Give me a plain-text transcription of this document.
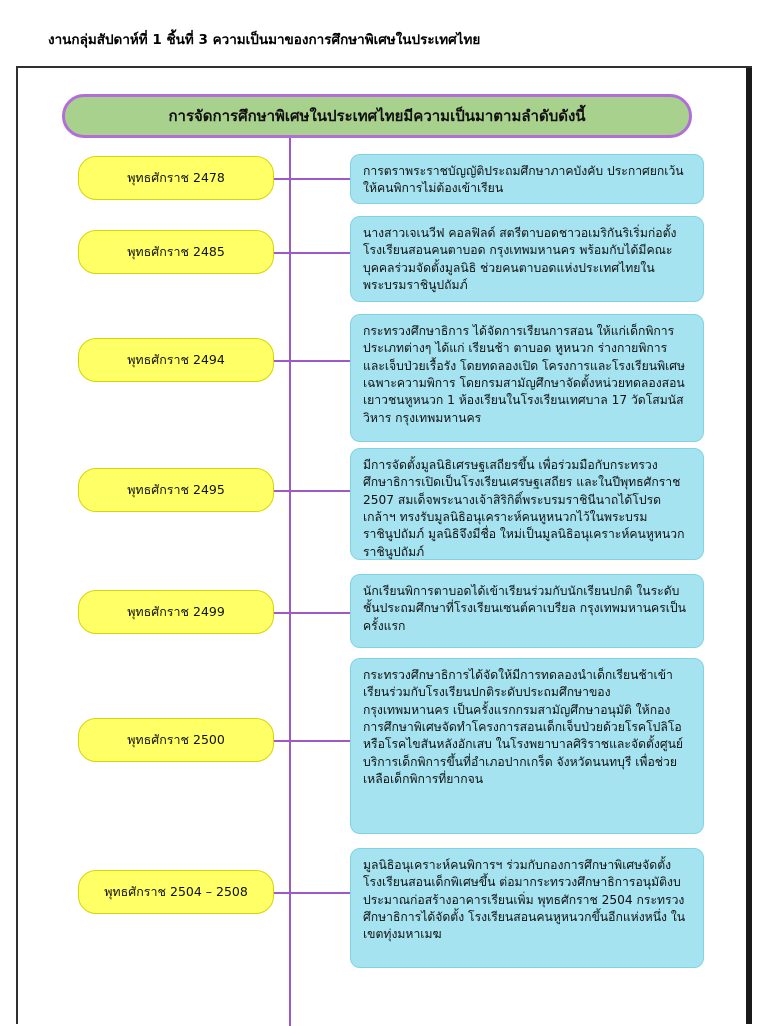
งานกลุ่มสัปดาห์ที่ 1 ชิ้นที่ 3 ความเป็นมาของการศึกษาพิเศษในประเทศไทย
การจัดการศึกษาพิเศษในประเทศไทยมีความเป็นมาตามลำดับดังนี้
พุทธศักราช 2478	การตราพระราชบัญญัติประถมศึกษาภาคบังคับ ประกาศยกเว้นให้คนพิการไม่ต้องเข้าเรียน
พุทธศักราช 2485
นางสาวเจเนวีฟ คอลฟิลด์ สตรีตาบอดชาวอเมริกันริเริ่มก่อตั้งโรงเรียนสอนคนตาบอด กรุงเทพมหานคร พร้อมกับได้มีคณะบุคคลร่วมจัดตั้งมูลนิธิ ช่วยคนตาบอดแห่งประเทศไทยในพระบรมราชินูปถัมภ์
พุทธศักราช 2494
กระทรวงศึกษาธิการ ได้จัดการเรียนการสอน ให้แก่เด็กพิการประเภทต่างๆ ได้แก่ เรียนช้า ตาบอด หูหนวก ร่างกายพิการ และเจ็บป่วยเรื้อรัง โดยทดลองเปิด โครงการและโรงเรียนพิเศษเฉพาะความพิการ โดยกรมสามัญศึกษาจัดตั้งหน่วยทดลองสอนเยาวชนหูหนวก 1 ห้องเรียนในโรงเรียนเทศบาล 17 วัดโสมนัสวิหาร กรุงเทพมหานคร
พุทธศักราช 2495
มีการจัดตั้งมูลนิธิเศรษฐเสถียรขึ้น เพื่อร่วมมือกับกระทรวงศึกษาธิการเปิดเป็นโรงเรียนเศรษฐเสถียร และในปีพุทธศักราช 2507 สมเด็จพระนางเจ้าสิริกิติ์พระบรมราชินีนาถได้โปรดเกล้าฯ ทรงรับมูลนิธิอนุเคราะห์คนหูหนวกไว้ในพระบรมราชินูปถัมภ์ มูลนิธิจึงมีชื่อ ใหม่เป็นมูลนิธิอนุเคราะห์คนหูหนวกราชินูปถัมภ์
พุทธศักราช 2499
นักเรียนพิการตาบอดได้เข้าเรียนร่วมกับนักเรียนปกติ ในระดับชั้นประถมศึกษาที่โรงเรียนเซนต์คาเบรียล กรุงเทพมหานครเป็นครั้งแรก
พุทธศักราช 2500
กระทรวงศึกษาธิการได้จัดให้มีการทดลองนำเด็กเรียนช้าเข้าเรียนร่วมกับโรงเรียนปกติระดับประถมศึกษาของกรุงเทพมหานคร เป็นครั้งแรกกรมสามัญศึกษาอนุมัติ ให้กองการศึกษาพิเศษจัดทำโครงการสอนเด็กเจ็บป่วยด้วยโรคโปลิโอหรือโรคไขสันหลังอักเสบ ในโรงพยาบาลศิริราชและจัดตั้งศูนย์บริการเด็กพิการขึ้นที่อำเภอปากเกร็ด จังหวัดนนทบุรี เพื่อช่วยเหลือเด็กพิการที่ยากจน
พุทธศักราช 2504 – 2508
มูลนิธิอนุเคราะห์คนพิการฯ ร่วมกับกองการศึกษาพิเศษจัดตั้งโรงเรียนสอนเด็กพิเศษขึ้น ต่อมากระทรวงศึกษาธิการอนุมัติงบประมาณก่อสร้างอาคารเรียนเพิ่ม พุทธศักราช 2504 กระทรวงศึกษาธิการได้จัดตั้ง โรงเรียนสอนคนหูหนวกขึ้นอีกแห่งหนึ่ง ในเขตทุ่งมหาเมฆ
